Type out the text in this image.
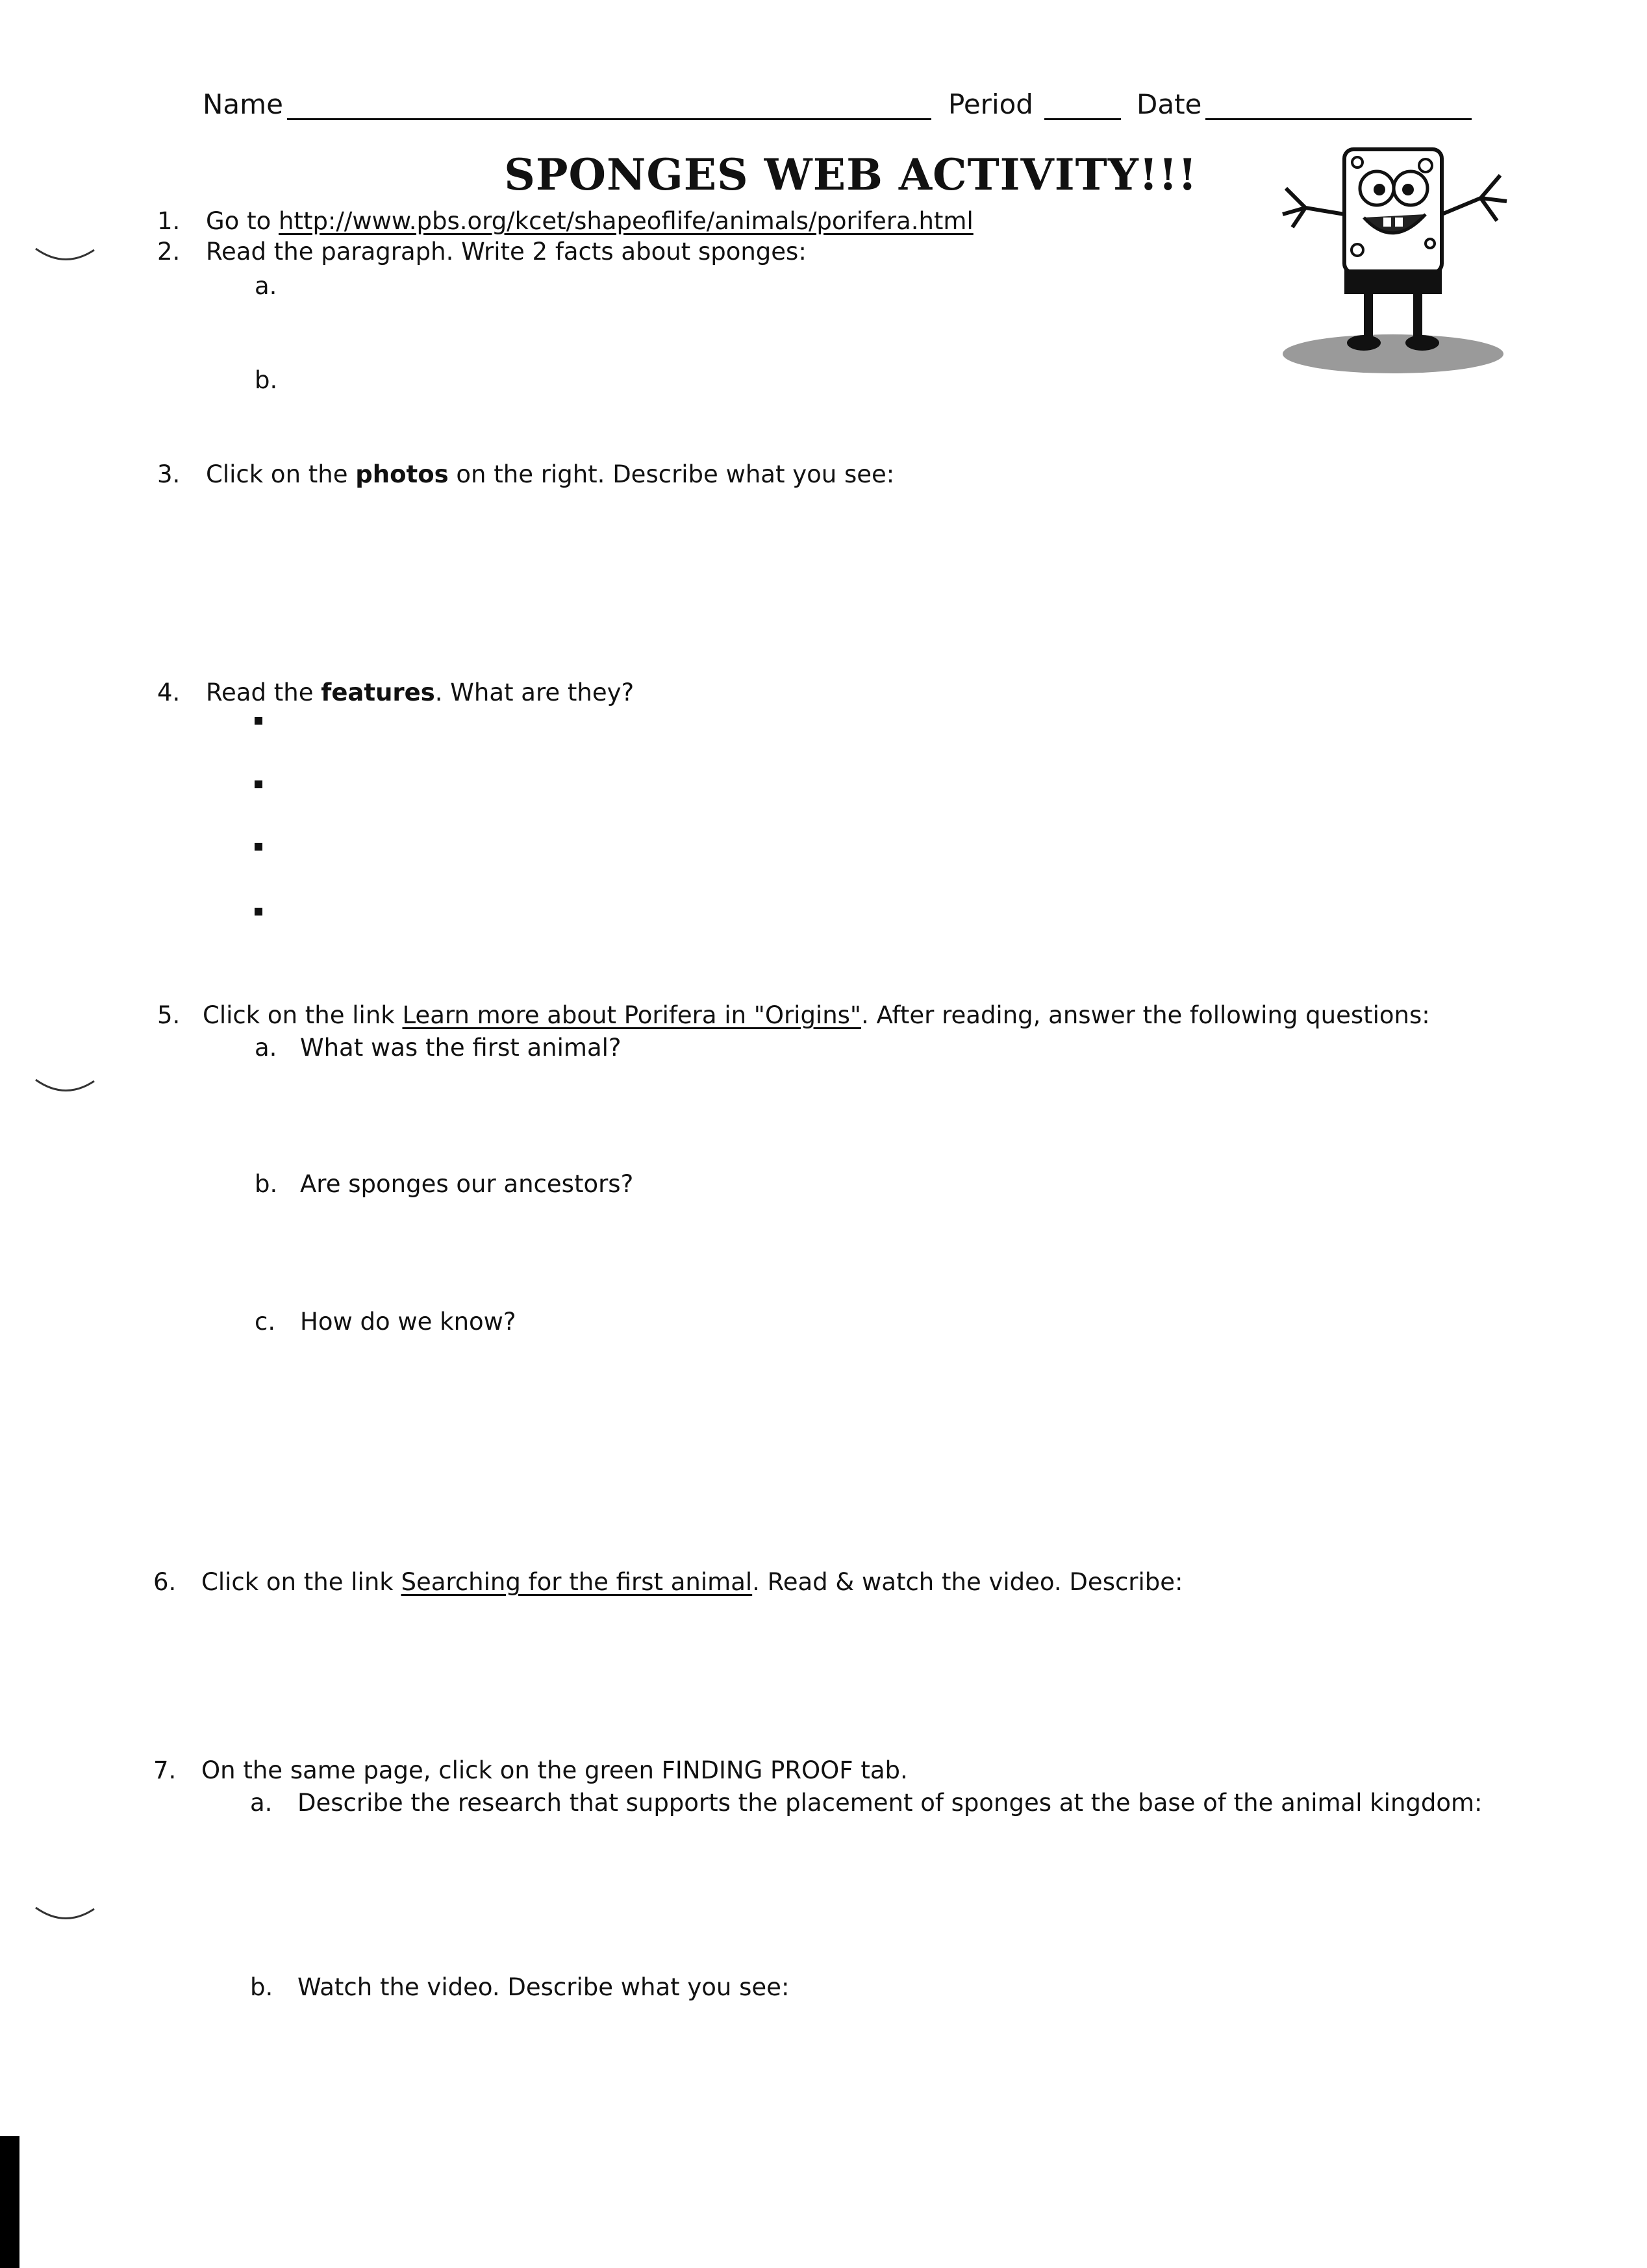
Name	Period	Date
SPONGES WEB ACTIVITY!!!
1. Go to http://www.pbs.org/kcet/shapeoflife/animals/porifera.html
2. Read the paragraph. Write 2 facts about sponges:
a.
b.
3. Click on the photos on the right. Describe what you see:
4. Read the features. What are they?
5. Click on the link Learn more about Porifera in "Origins". After reading, answer the following questions:
a. What was the first animal?
b. Are sponges our ancestors?
c. How do we know?
6. Click on the link Searching for the first animal. Read & watch the video. Describe:
7. On the same page, click on the green FINDING PROOF tab.
a. Describe the research that supports the placement of sponges at the base of the animal kingdom:
b. Watch the video. Describe what you see:
